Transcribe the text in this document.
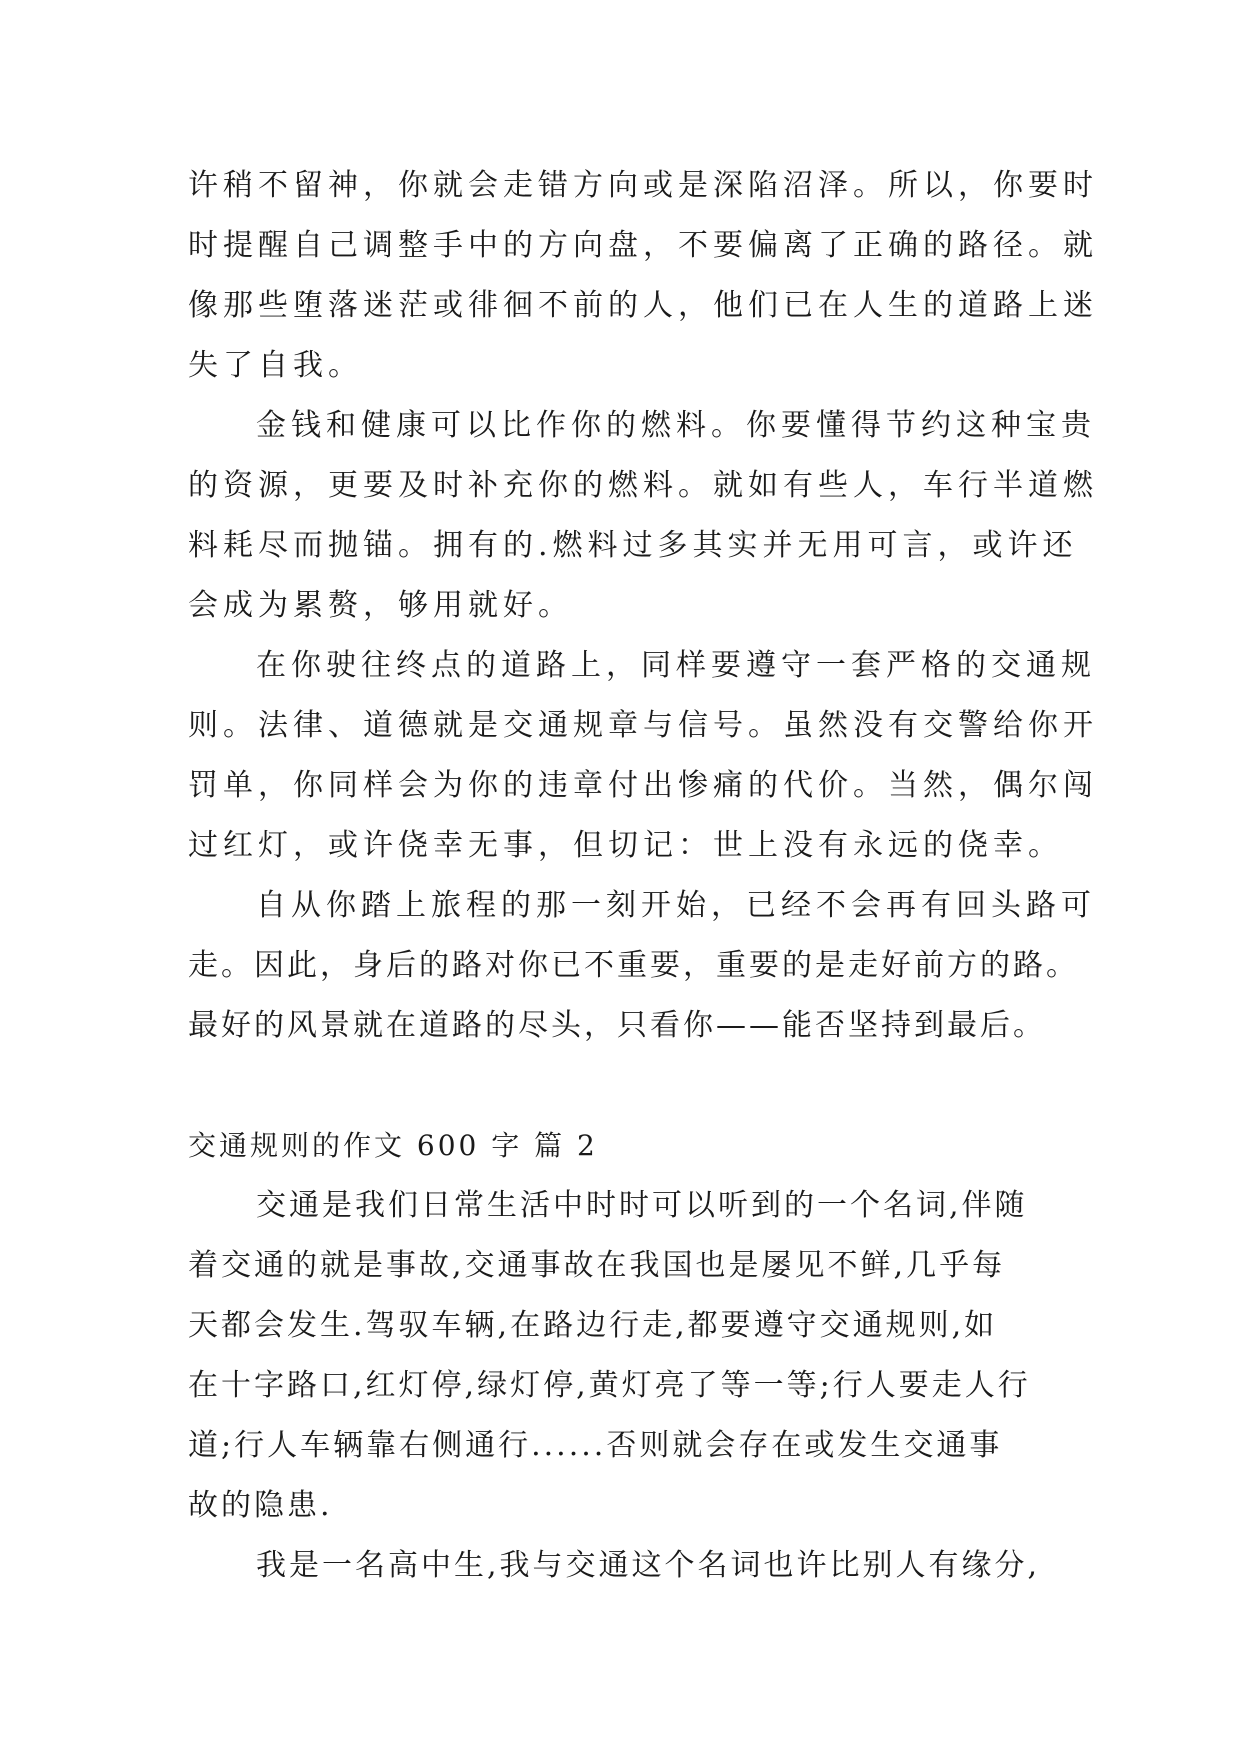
许稍不留神，你就会走错方向或是深陷沼泽。所以，你要时
时提醒自己调整手中的方向盘，不要偏离了正确的路径。就
像那些堕落迷茫或徘徊不前的人，他们已在人生的道路上迷
失了自我。
金钱和健康可以比作你的燃料。你要懂得节约这种宝贵
的资源，更要及时补充你的燃料。就如有些人，车行半道燃
料耗尽而抛锚。拥有的.燃料过多其实并无用可言，或许还
会成为累赘，够用就好。
在你驶往终点的道路上，同样要遵守一套严格的交通规
则。法律、道德就是交通规章与信号。虽然没有交警给你开
罚单，你同样会为你的违章付出惨痛的代价。当然，偶尔闯
过红灯，或许侥幸无事，但切记：世上没有永远的侥幸。
自从你踏上旅程的那一刻开始，已经不会再有回头路可
走。因此，身后的路对你已不重要，重要的是走好前方的路。
最好的风景就在道路的尽头，只看你——能否坚持到最后。
交通规则的作文 600 字 篇 2
交通是我们日常生活中时时可以听到的一个名词,伴随
着交通的就是事故,交通事故在我国也是屡见不鲜,几乎每
天都会发生.驾驭车辆,在路边行走,都要遵守交通规则,如
在十字路口,红灯停,绿灯停,黄灯亮了等一等;行人要走人行
道;行人车辆靠右侧通行......否则就会存在或发生交通事
故的隐患.
我是一名高中生,我与交通这个名词也许比别人有缘分,
